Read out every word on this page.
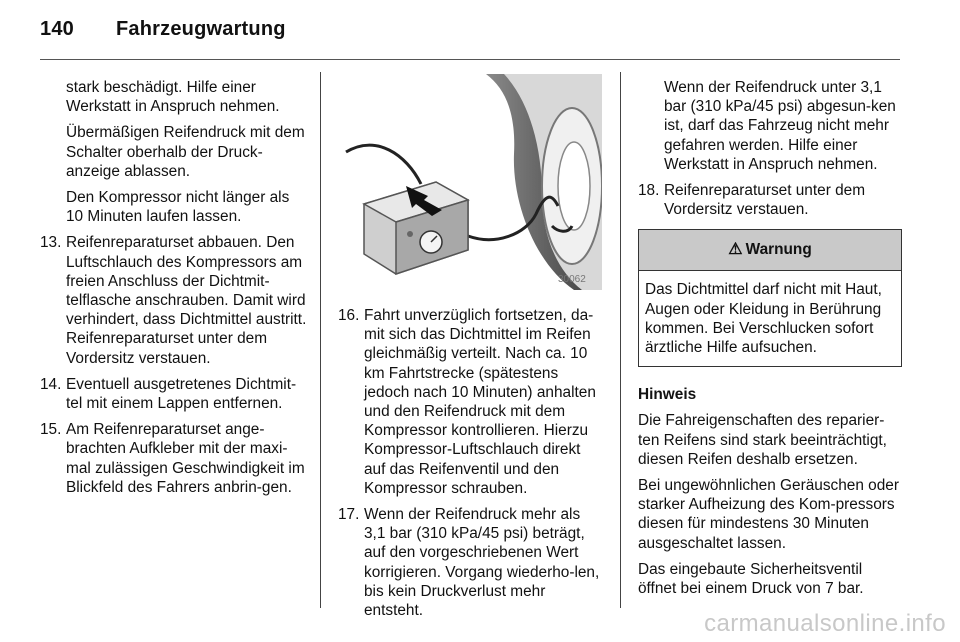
140 Fahrzeugwartung

stark beschädigt. Hilfe einer Werkstatt in Anspruch nehmen.

Übermäßigen Reifendruck mit dem Schalter oberhalb der Druck-anzeige ablassen.

Den Kompressor nicht länger als 10 Minuten laufen lassen.

13. Reifenreparaturset abbauen. Den Luftschlauch des Kompressors am freien Anschluss der Dichtmit-telflasche anschrauben. Damit wird verhindert, dass Dichtmittel austritt. Reifenreparaturset unter dem Vordersitz verstauen.
14. Eventuell ausgetretenes Dichtmit-tel mit einem Lappen entfernen.
15. Am Reifenreparaturset ange-brachten Aufkleber mit der maxi-mal zulässigen Geschwindigkeit im Blickfeld des Fahrers anbrin-gen.
30062
16. Fahrt unverzüglich fortsetzen, da-mit sich das Dichtmittel im Reifen gleichmäßig verteilt. Nach ca. 10 km Fahrtstrecke (spätestens jedoch nach 10 Minuten) anhalten und den Reifendruck mit dem Kompressor kontrollieren. Hierzu Kompressor-Luftschlauch direkt auf das Reifenventil und den Kompressor schrauben.
17. Wenn der Reifendruck mehr als 3,1 bar (310 kPa/45 psi) beträgt, auf den vorgeschriebenen Wert korrigieren. Vorgang wiederho-len, bis kein Druckverlust mehr entsteht.

Wenn der Reifendruck unter 3,1 bar (310 kPa/45 psi) abgesun-ken ist, darf das Fahrzeug nicht mehr gefahren werden. Hilfe einer Werkstatt in Anspruch nehmen.

18. Reifenreparaturset unter dem Vordersitz verstauen.
⚠ Warnung
Das Dichtmittel darf nicht mit Haut, Augen oder Kleidung in Berührung kommen. Bei Verschlucken sofort ärztliche Hilfe aufsuchen.

Hinweis

Die Fahreigenschaften des reparier-ten Reifens sind stark beeinträchtigt, diesen Reifen deshalb ersetzen.

Bei ungewöhnlichen Geräuschen oder starker Aufheizung des Kom-pressors diesen für mindestens 30 Minuten ausgeschaltet lassen.

Das eingebaute Sicherheitsventil öffnet bei einem Druck von 7 bar.

carmanualsonline.info
